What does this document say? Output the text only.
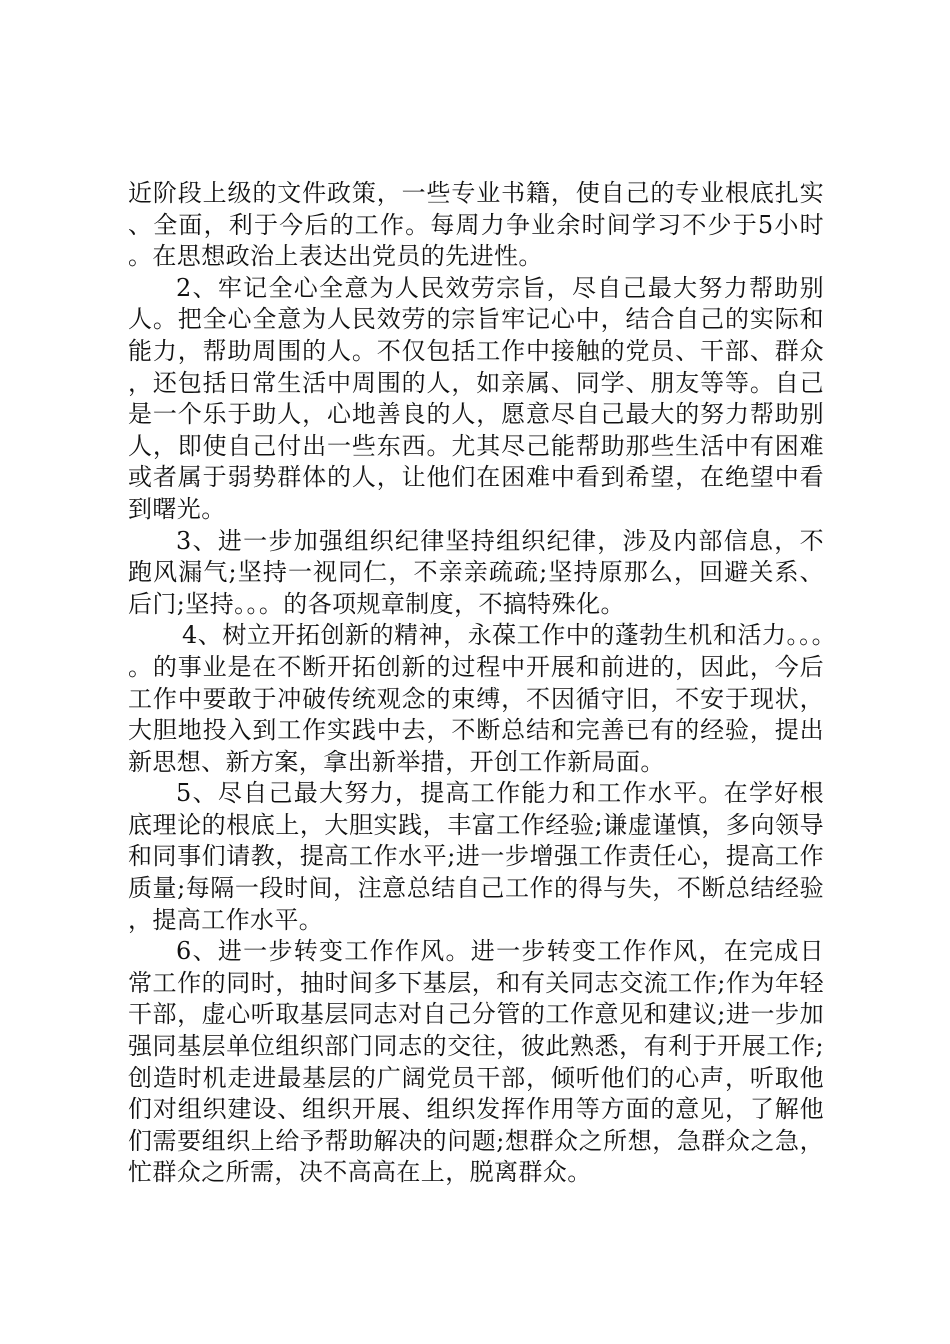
近阶段上级的文件政策，一些专业书籍，使自己的专业根底扎实、全面，利于今后的工作。每周力争业余时间学习不少于5小时。在思想政治上表达出党员的先进性。

2、牢记全心全意为人民效劳宗旨，尽自己最大努力帮助别人。把全心全意为人民效劳的宗旨牢记心中，结合自己的实际和能力，帮助周围的人。不仅包括工作中接触的党员、干部、群众，还包括日常生活中周围的人，如亲属、同学、朋友等等。自己是一个乐于助人，心地善良的人，愿意尽自己最大的努力帮助别人，即使自己付出一些东西。尤其尽己能帮助那些生活中有困难或者属于弱势群体的人，让他们在困难中看到希望，在绝望中看到曙光。

3、进一步加强组织纪律坚持组织纪律，涉及内部信息，不跑风漏气;坚持一视同仁，不亲亲疏疏;坚持原那么，回避关系、后门;坚持。。。的各项规章制度，不搞特殊化。

4、树立开拓创新的精神，永葆工作中的蓬勃生机和活力。。。。的事业是在不断开拓创新的过程中开展和前进的，因此，今后工作中要敢于冲破传统观念的束缚，不因循守旧，不安于现状，大胆地投入到工作实践中去，不断总结和完善已有的经验，提出新思想、新方案，拿出新举措，开创工作新局面。

5、尽自己最大努力，提高工作能力和工作水平。在学好根底理论的根底上，大胆实践，丰富工作经验;谦虚谨慎，多向领导和同事们请教，提高工作水平;进一步增强工作责任心，提高工作质量;每隔一段时间，注意总结自己工作的得与失，不断总结经验，提高工作水平。

6、进一步转变工作作风。进一步转变工作作风，在完成日常工作的同时，抽时间多下基层，和有关同志交流工作;作为年轻干部，虚心听取基层同志对自己分管的工作意见和建议;进一步加强同基层单位组织部门同志的交往，彼此熟悉，有利于开展工作;创造时机走进最基层的广阔党员干部，倾听他们的心声，听取他们对组织建设、组织开展、组织发挥作用等方面的意见，了解他们需要组织上给予帮助解决的问题;想群众之所想，急群众之急，忙群众之所需，决不高高在上，脱离群众。
